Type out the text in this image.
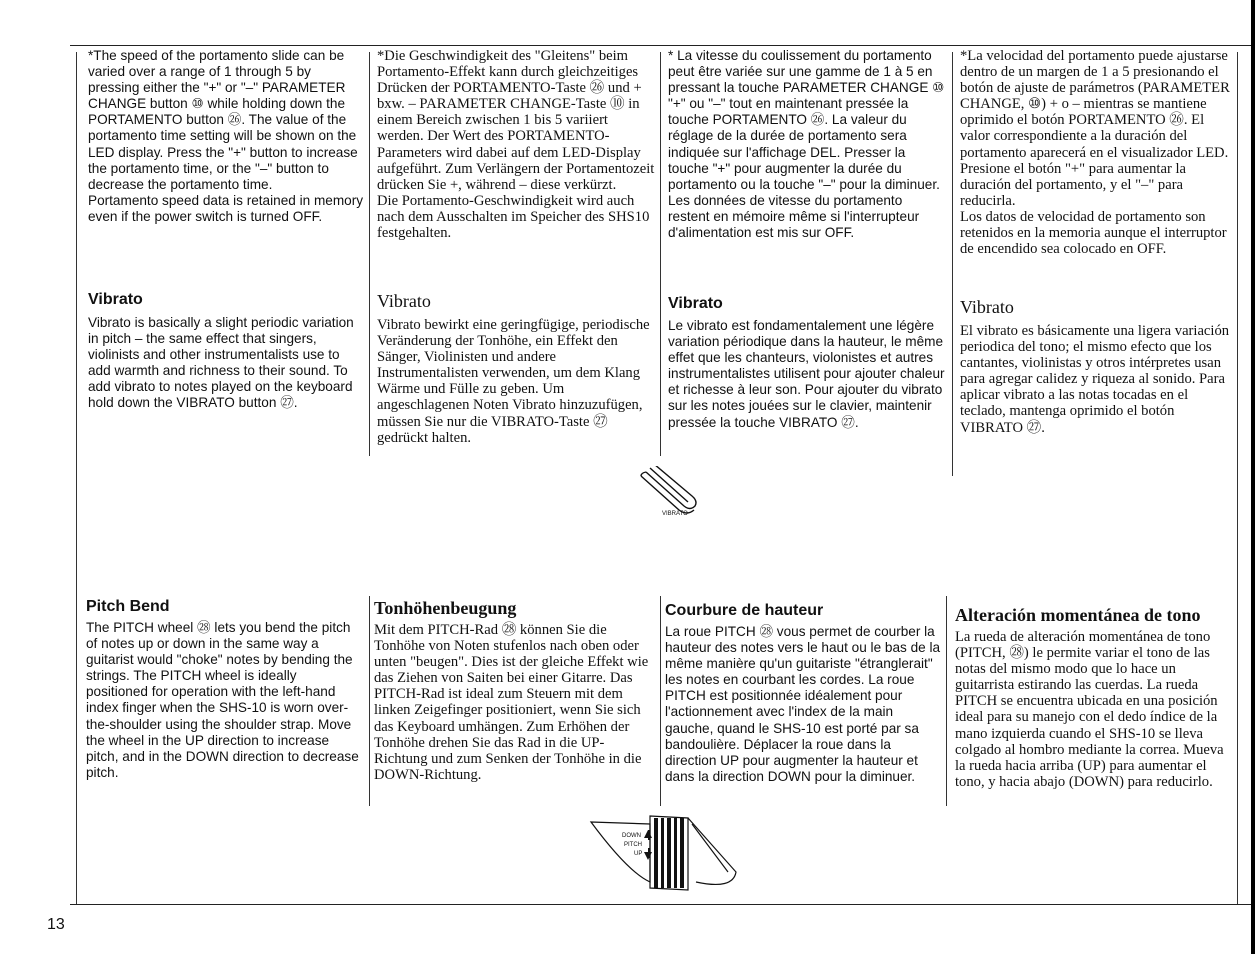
*The speed of the portamento slide can be varied over a range of 1 through 5 by pressing either the "+" or "–" PARAMETER CHANGE button ⑩ while holding down the PORTAMENTO button ㉖. The value of the portamento time setting will be shown on the LED display. Press the "+" button to increase the portamento time, or the "–" button to decrease the portamento time.

Portamento speed data is retained in memory even if the power switch is turned OFF.

*Die Geschwindigkeit des "Gleitens" beim Portamento-Effekt kann durch gleichzeitiges Drücken der PORTAMENTO-Taste ㉖ und + bxw. – PARAMETER CHANGE-Taste ⑩ in einem Bereich zwischen 1 bis 5 variiert werden. Der Wert des PORTAMENTO-Parameters wird dabei auf dem LED-Display aufgeführt. Zum Verlängern der Portamentozeit drücken Sie +, während – diese verkürzt.

Die Portamento-Geschwindigkeit wird auch nach dem Ausschalten im Speicher des SHS10 festgehalten.

* La vitesse du coulissement du portamento peut être variée sur une gamme de 1 à 5 en pressant la touche PARAMETER CHANGE ⑩ "+" ou "–" tout en maintenant pressée la touche PORTAMENTO ㉖. La valeur du réglage de la durée de portamento sera indiquée sur l'affichage DEL. Presser la touche "+" pour augmenter la durée du portamento ou la touche "–" pour la diminuer.

Les données de vitesse du portamento restent en mémoire même si l'interrupteur d'alimentation est mis sur OFF.

*La velocidad del portamento puede ajustarse dentro de un margen de 1 a 5 presionando el botón de ajuste de parámetros (PARAMETER CHANGE, ⑩) + o – mientras se mantiene oprimido el botón PORTAMENTO ㉖. El valor correspondiente a la duración del portamento aparecerá en el visualizador LED. Presione el botón "+" para aumentar la duración del portamento, y el "–" para reducirla.

Los datos de velocidad de portamento son retenidos en la memoria aunque el interruptor de encendido sea colocado en OFF.

Vibrato

Vibrato is basically a slight periodic variation in pitch – the same effect that singers, violinists and other instrumentalists use to add warmth and richness to their sound. To add vibrato to notes played on the keyboard hold down the VIBRATO button ㉗.

Vibrato

Vibrato bewirkt eine geringfügige, periodische Veränderung der Tonhöhe, ein Effekt den Sänger, Violinisten und andere Instrumentalisten verwenden, um dem Klang Wärme und Fülle zu geben. Um angeschlagenen Noten Vibrato hinzuzufügen, müssen Sie nur die VIBRATO-Taste ㉗ gedrückt halten.

Vibrato

Le vibrato est fondamentalement une légère variation périodique dans la hauteur, le même effet que les chanteurs, violonistes et autres instrumentalistes utilisent pour ajouter chaleur et richesse à leur son. Pour ajouter du vibrato sur les notes jouées sur le clavier, maintenir pressée la touche VIBRATO ㉗.

Vibrato

El vibrato es básicamente una ligera variación periodica del tono; el mismo efecto que los cantantes, violinistas y otros intérpretes usan para agregar calidez y riqueza al sonido. Para aplicar vibrato a las notas tocadas en el teclado, mantenga oprimido el botón VIBRATO ㉗.

VIBRATO

Pitch Bend

The PITCH wheel ㉘ lets you bend the pitch of notes up or down in the same way a guitarist would "choke" notes by bending the strings. The PITCH wheel is ideally positioned for operation with the left-hand index finger when the SHS-10 is worn over-the-shoulder using the shoulder strap. Move the wheel in the UP direction to increase pitch, and in the DOWN direction to decrease pitch.

Tonhöhenbeugung

Mit dem PITCH-Rad ㉘ können Sie die Tonhöhe von Noten stufenlos nach oben oder unten "beugen". Dies ist der gleiche Effekt wie das Ziehen von Saiten bei einer Gitarre. Das PITCH-Rad ist ideal zum Steuern mit dem linken Zeigefinger positioniert, wenn Sie sich das Keyboard umhängen. Zum Erhöhen der Tonhöhe drehen Sie das Rad in die UP-Richtung und zum Senken der Tonhöhe in die DOWN-Richtung.

Courbure de hauteur

La roue PITCH ㉘ vous permet de courber la hauteur des notes vers le haut ou le bas de la même manière qu'un guitariste "étranglerait" les notes en courbant les cordes. La roue PITCH est positionnée idéalement pour l'actionnement avec l'index de la main gauche, quand le SHS-10 est porté par sa bandoulière. Déplacer la roue dans la direction UP pour augmenter la hauteur et dans la direction DOWN pour la diminuer.

Alteración momentánea de tono

La rueda de alteración momentánea de tono (PITCH, ㉘) le permite variar el tono de las notas del mismo modo que lo hace un guitarrista estirando las cuerdas. La rueda PITCH se encuentra ubicada en una posición ideal para su manejo con el dedo índice de la mano izquierda cuando el SHS-10 se lleva colgado al hombro mediante la correa. Mueva la rueda hacia arriba (UP) para aumentar el tono, y hacia abajo (DOWN) para reducirlo.

DOWN
PITCH
UP
13
